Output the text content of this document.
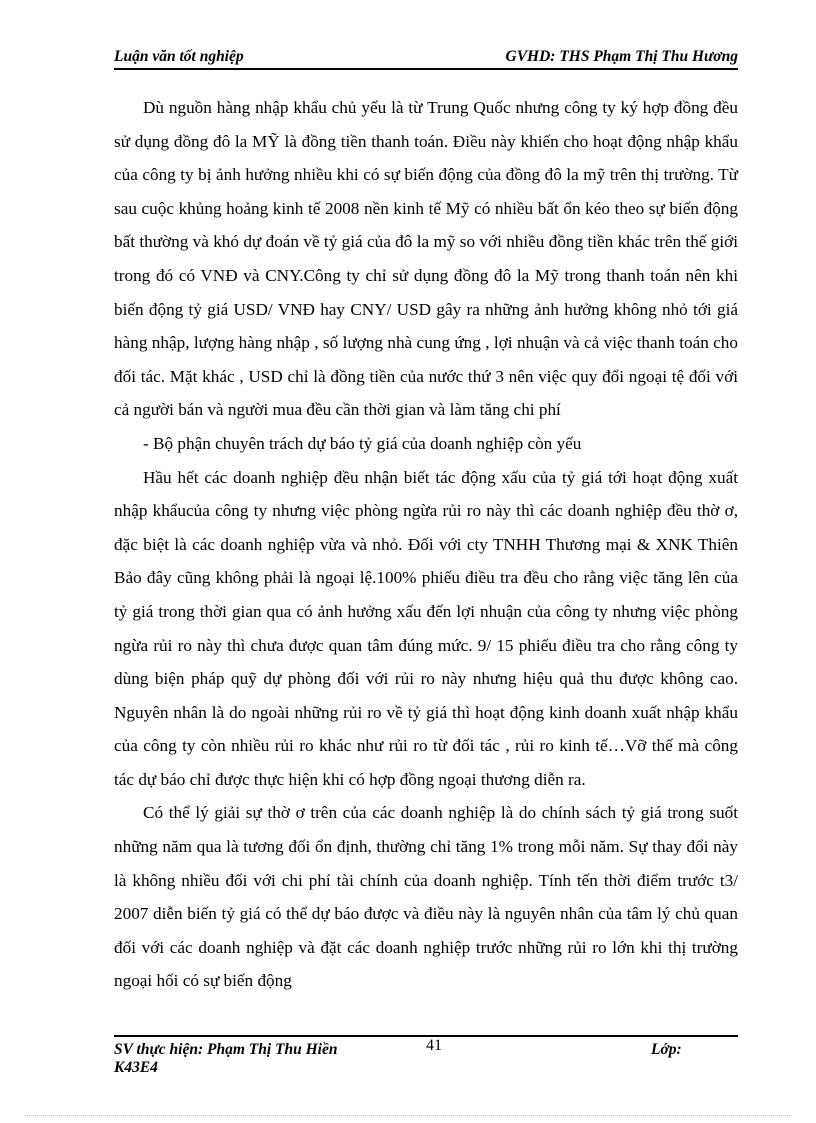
Luận văn tốt nghiệp	GVHD: THS Phạm Thị Thu Hương

Dù nguồn hàng nhập khẩu chủ yếu là từ Trung Quốc nhưng công ty ký hợp đồng đều sử dụng đồng đô la MỸ là đồng tiền thanh toán. Điều này khiến cho hoạt động nhập khẩu của công ty bị ảnh hưởng nhiều khi có sự biến động của đồng đô la mỹ trên thị trường. Từ sau cuộc khủng hoảng kinh tế 2008 nền kinh tế Mỹ có nhiều bất ổn kéo theo sự biến động bất thường và khó dự đoán về tỷ giá của đô la mỹ so với nhiều đồng tiền khác trên thế giới trong đó có VNĐ và CNY.Công ty chỉ sử dụng đồng đô la Mỹ trong thanh toán nên khi biến động tỷ giá USD/ VNĐ hay CNY/ USD gây ra những ảnh hưởng không nhỏ tới giá hàng nhập, lượng hàng nhập , số lượng nhà cung ứng , lợi nhuận và cả việc thanh toán cho đối tác. Mặt khác , USD chỉ là đồng tiền của nước thứ 3 nên việc quy đổi ngoại tệ đối với cả người bán và người mua đều cần thời gian và làm tăng chi phí

- Bộ phận chuyên trách dự báo tỷ giá của doanh nghiệp còn yếu

Hầu hết các doanh nghiệp đều nhận biết tác động xấu của tỷ giá tới hoạt động xuất nhập khẩucủa công ty nhưng việc phòng ngừa rủi ro này thì các doanh nghiệp đều thờ ơ, đặc biệt là các doanh nghiệp vừa và nhỏ. Đối với cty TNHH Thương mại & XNK Thiên Bảo đây cũng không phải là ngoại lệ.100% phiếu điều tra đều cho rằng việc tăng lên của tỷ giá trong thời gian qua có ảnh hưởng xấu đến lợi nhuận của công ty nhưng việc phòng ngừa rủi ro này thì chưa được quan tâm đúng mức. 9/ 15 phiếu điều tra cho rằng công ty dùng biện pháp quỹ dự phòng đối với rủi ro này nhưng hiệu quả thu được không cao. Nguyên nhân là do ngoài những rủi ro về tỷ giá thì hoạt động kinh doanh xuất nhập khẩu của công ty còn nhiều rủi ro khác như rủi ro từ đối tác , rủi ro kinh tế…Vỡ thế mà công tác dự báo chỉ được thực hiện khi có hợp đồng ngoại thương diễn ra.

Có thể lý giải sự thờ ơ trên của các doanh nghiệp là do chính sách tỷ giá trong suốt những năm qua là tương đối ổn định, thường chỉ tăng 1% trong mỗi năm. Sự thay đổi này là không nhiều đối với chi phí tài chính của doanh nghiệp. Tính tến thời điểm trước t3/ 2007 diễn biến tỷ giá có thể dự báo được và điều này là nguyên nhân của tâm lý chủ quan đối với các doanh nghiệp và đặt các doanh nghiệp trước những rủi ro lớn khi thị trường ngoại hối có sự biến động

SV thực hiện: Phạm Thị Thu Hiền
K43E4
41	Lớp:
